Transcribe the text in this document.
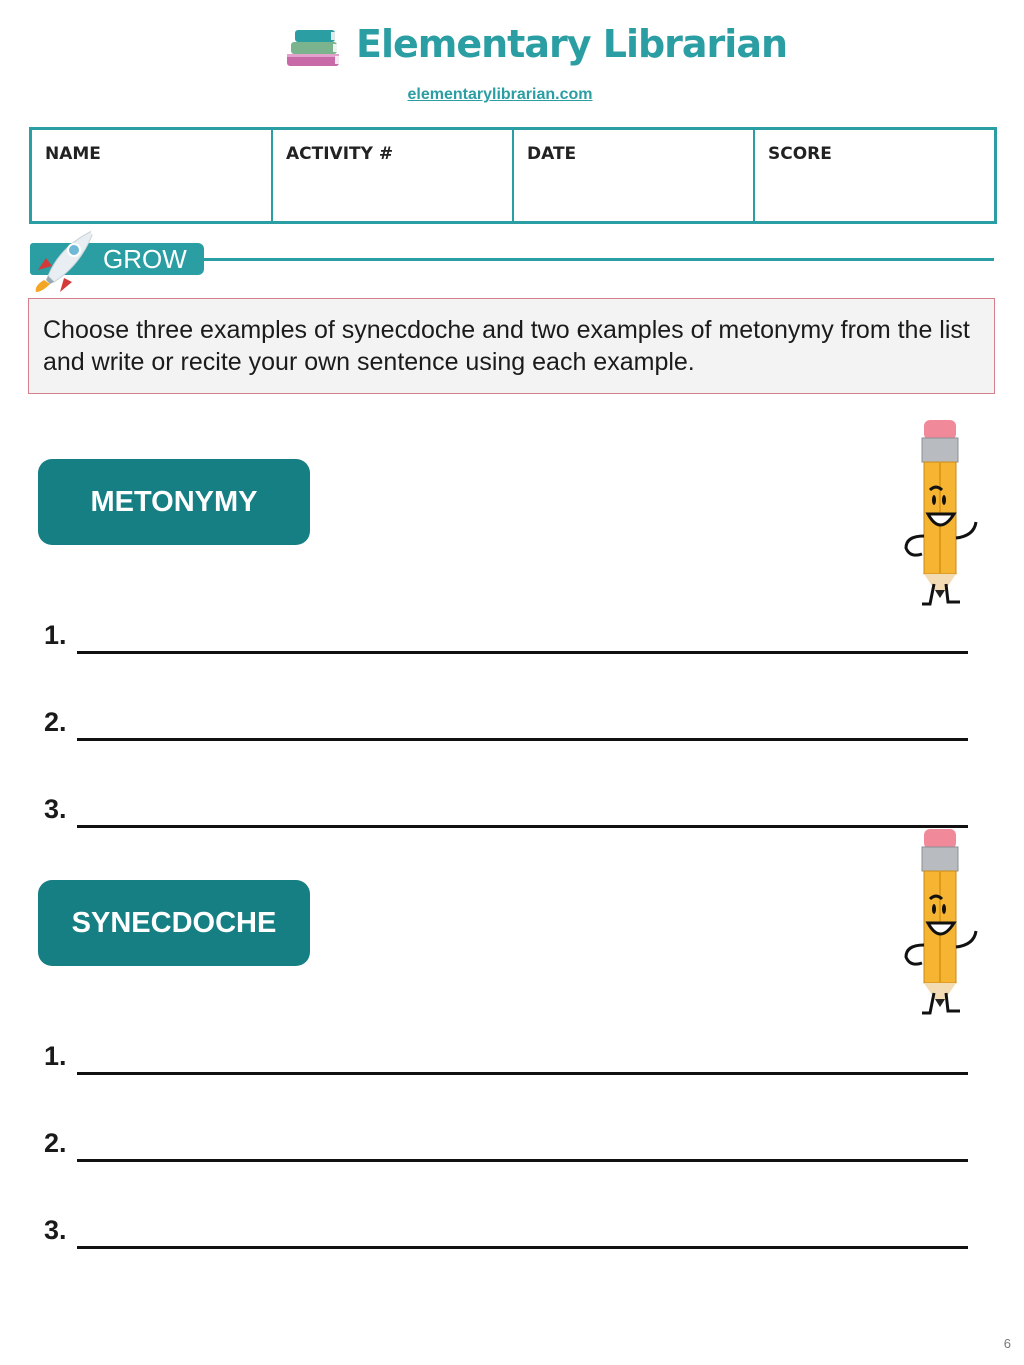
Elementary Librarian
elementarylibrarian.com
NAME	ACTIVITY #	DATE	SCORE
GROW
Choose three examples of synecdoche and two examples of metonymy from the list and write or recite your own sentence using each example.
METONYMY
1.
2.
3.
SYNECDOCHE
1.
2.
3.
6
